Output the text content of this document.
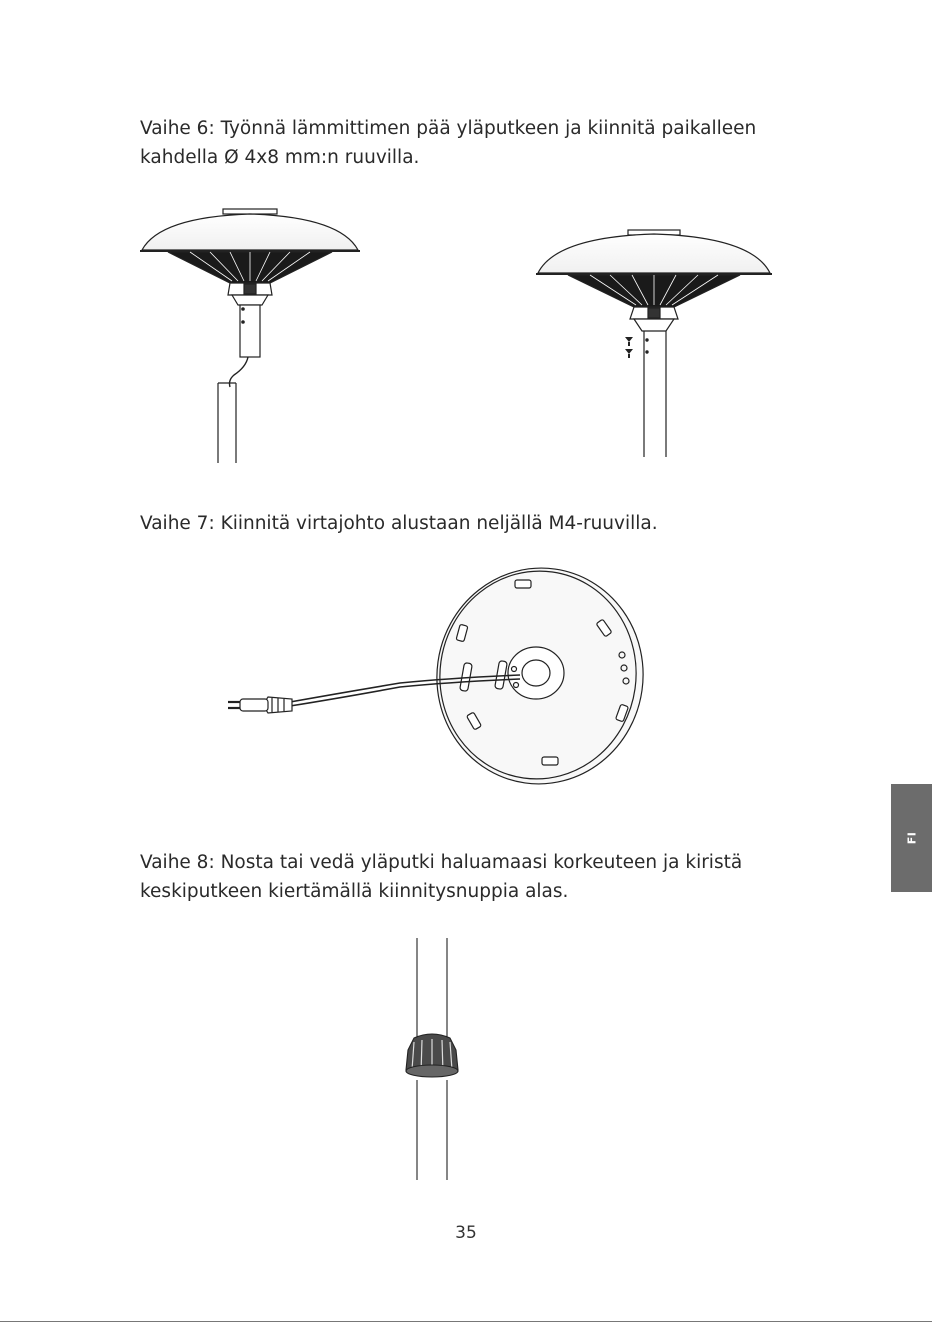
Vaihe 6: Työnnä lämmittimen pää yläputkeen ja kiinnitä paikalleen

kahdella Ø 4x8 mm:n ruuvilla.

Vaihe 7: Kiinnitä virtajohto alustaan neljällä M4-ruuvilla.

Vaihe 8: Nosta tai vedä yläputki haluamaasi korkeuteen ja kiristä

keskiputkeen kiertämällä kiinnitysnuppia alas.

FI
35
